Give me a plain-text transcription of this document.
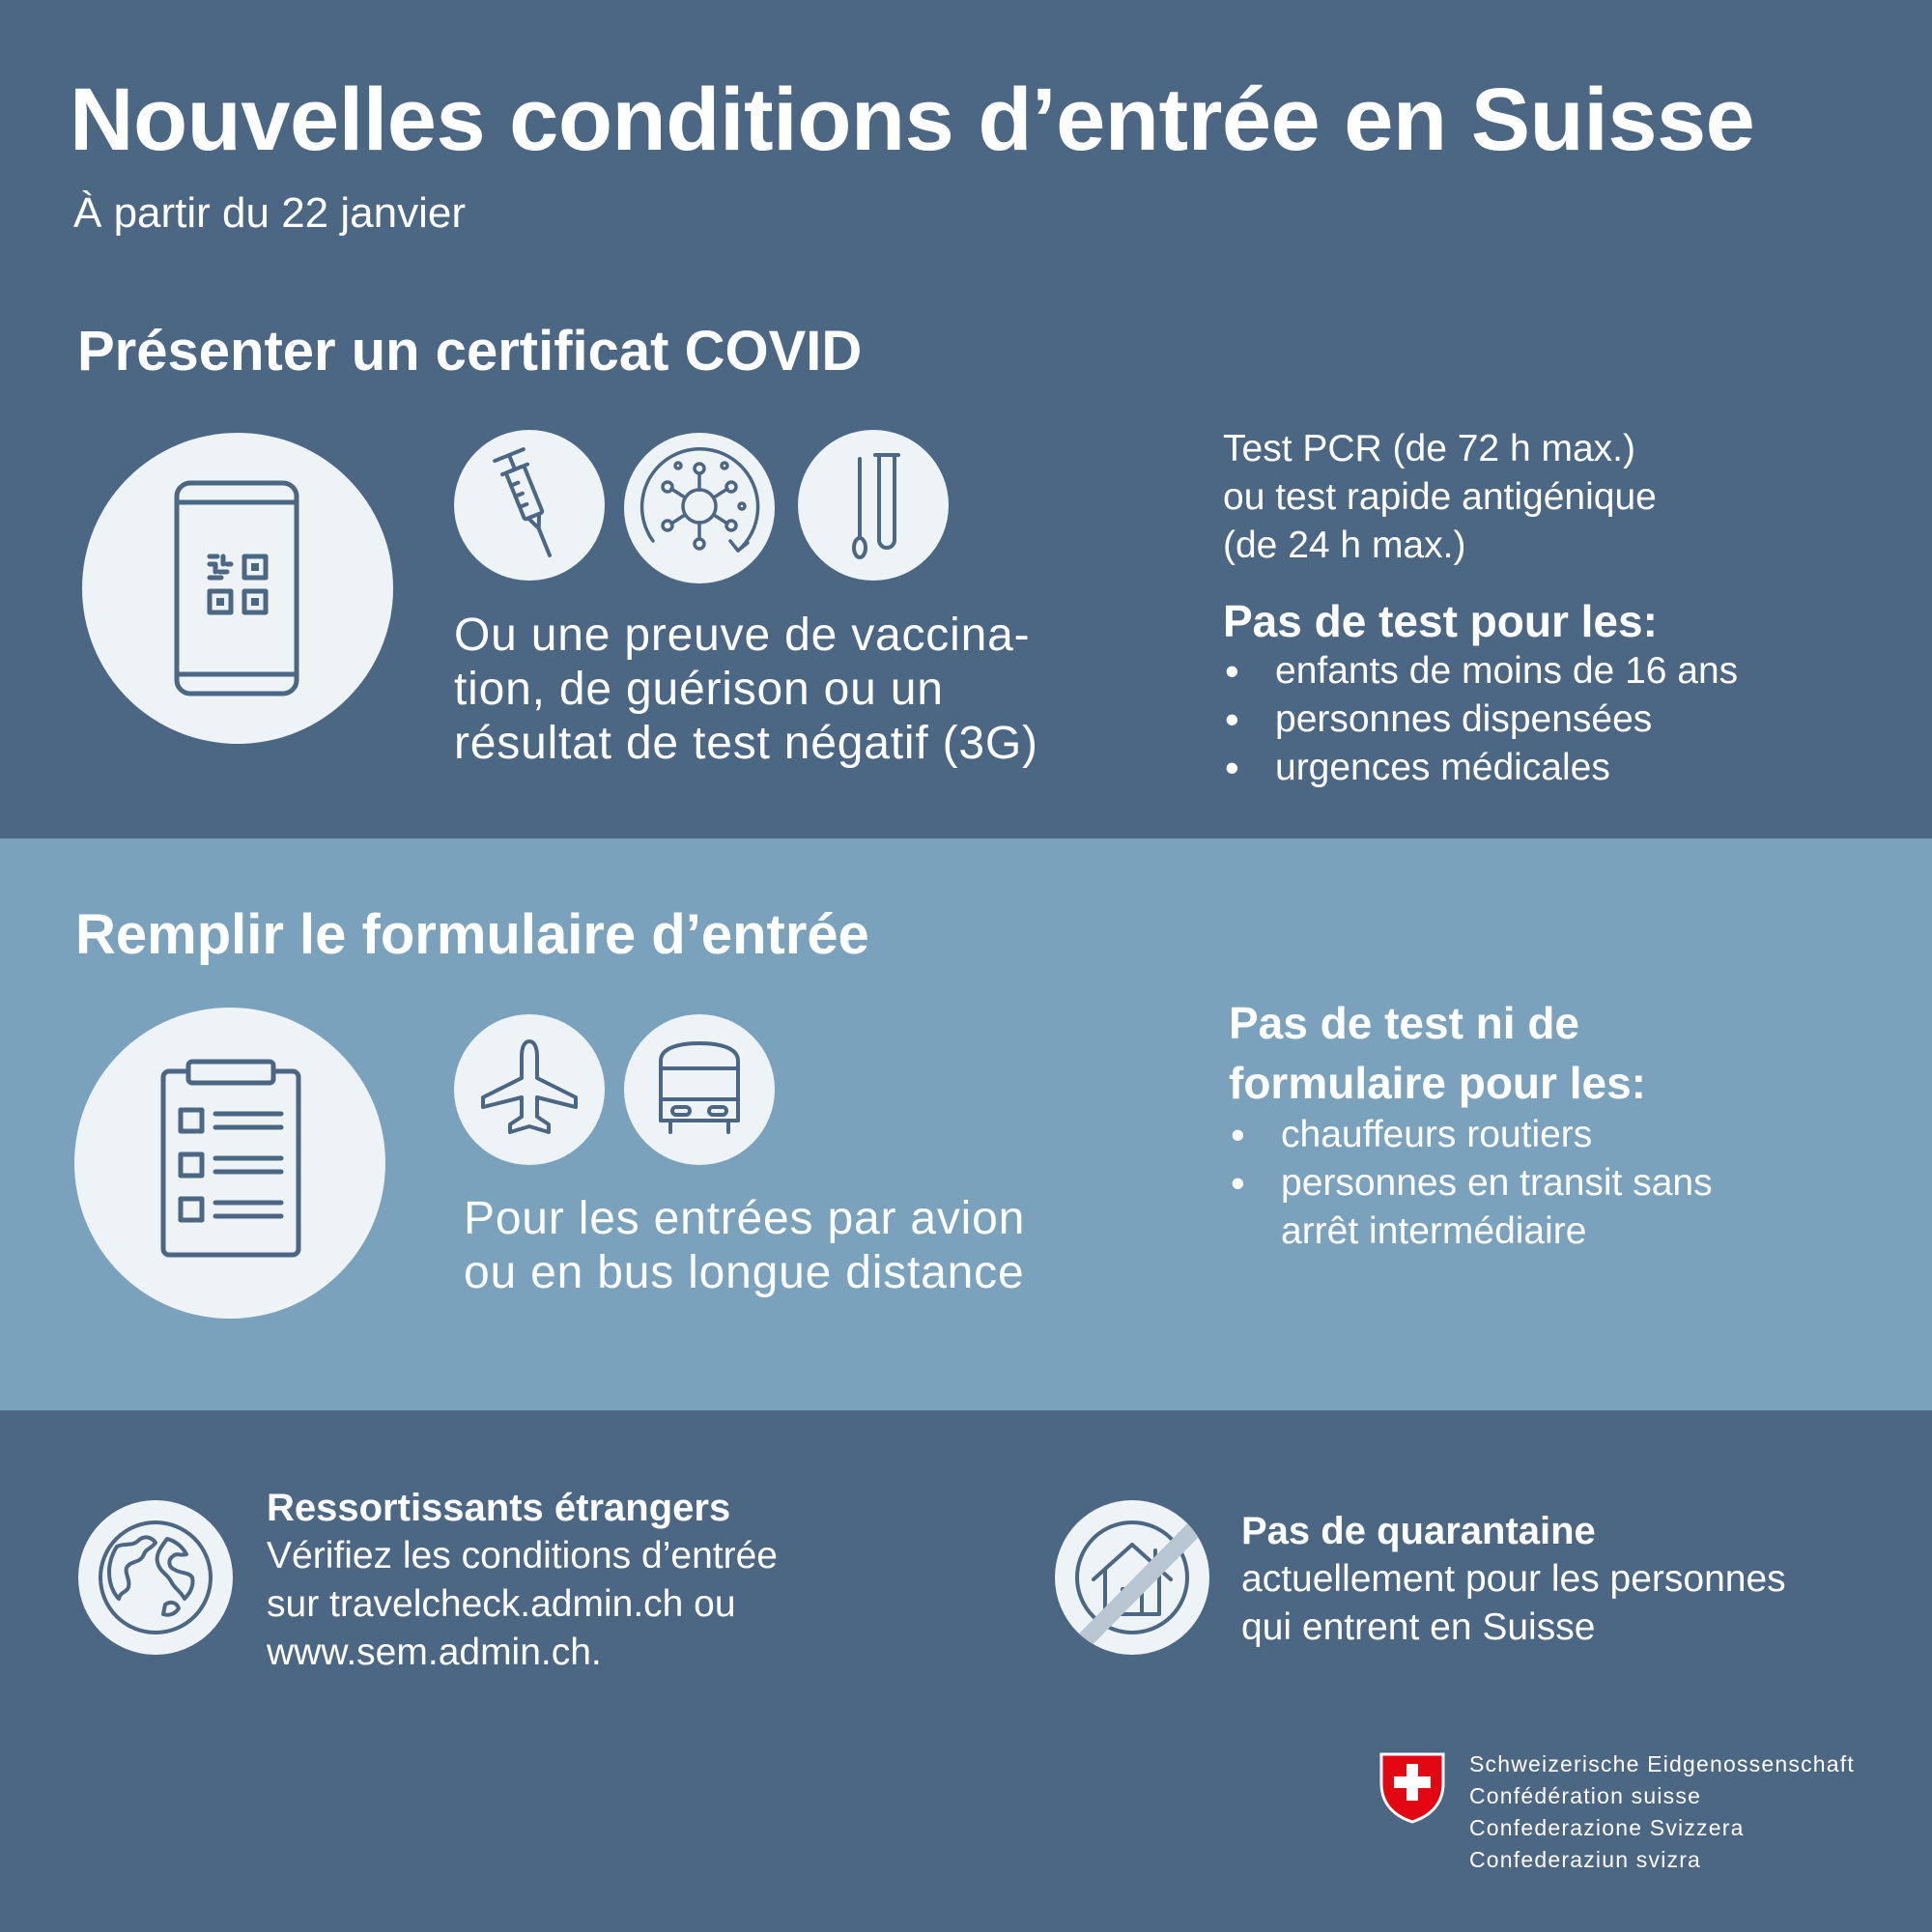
Nouvelles conditions d’entrée en Suisse
À partir du 22 janvier
Présenter un certificat COVID
Ou une preuve de vaccina-
tion, de guérison ou un
résultat de test négatif (3G)
Test PCR (de 72 h max.)
ou test rapide antigénique
(de 24 h max.)
Pas de test pour les:
• enfants de moins de 16 ans
• personnes dispensées
• urgences médicales
Remplir le formulaire d’entrée
Pour les entrées par avion
ou en bus longue distance
Pas de test ni de
formulaire pour les:
• chauffeurs routiers
• personnes en transit sans arrêt intermédiaire
Ressortissants étrangers
Vérifiez les conditions d’entrée
sur travelcheck.admin.ch ou
www.sem.admin.ch.
Pas de quarantaine
actuellement pour les personnes
qui entrent en Suisse
Schweizerische Eidgenossenschaft
Confédération suisse
Confederazione Svizzera
Confederaziun svizra
